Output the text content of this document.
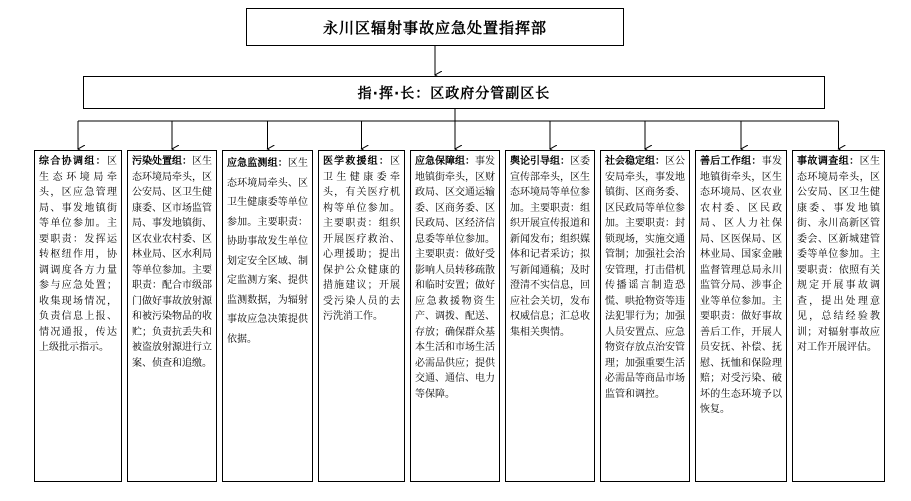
永川区辐射事故应急处置指挥部
指·挥·长：区政府分管副区长
综合协调组：区生态环境局牵头，区应急管理局、事发地镇街等单位参加。主要职责：发挥运转枢纽作用，协调调度各方力量参与应急处置；收集现场情况，负责信息上报、情况通报，传达上级批示指示。
污染处置组：区生态环境局牵头，区公安局、区卫生健康委、区市场监管局、事发地镇街、区农业农村委、区林业局、区水利局等单位参加。主要职责：配合市级部门做好事故放射源和被污染物品的收贮；负责抗丢失和被盗放射源进行立案、侦查和追缴。
应急监测组：区生态环境局牵头、区卫生健康委等单位参加。主要职责：协助事故发生单位划定安全区域、制定监测方案、提供监测数据，为辐射事故应急决策提供依据。
医学救援组：区卫生健康委牵头，有关医疗机构等单位参加。主要职责：组织开展医疗救治、心理援助；提出保护公众健康的措施建议；开展受污染人员的去污洗消工作。
应急保障组：事发地镇街牵头，区财政局、区交通运输委、区商务委、区民政局、区经济信息委等单位参加。主要职责：做好受影响人员转移疏散和临时安置；做好应急救援物资生产、调拨、配送、存放；确保群众基本生活和市场生活必需品供应；提供交通、通信、电力等保障。
舆论引导组：区委宣传部牵头，区生态环境局等单位参加。主要职责：组织开展宣传报道和新闻发布；组织媒体和记者采访；拟写新闻通稿；及时澄清不实信息，回应社会关切，发布权威信息；汇总收集相关舆情。
社会稳定组：区公安局牵头，事发地镇街、区商务委、区民政局等单位参加。主要职责：封锁现场，实施交通管制；加强社会治安管理，打击借机传播谣言制造恐慌、哄抢物资等违法犯罪行为；加强人员安置点、应急物资存放点治安管理；加强重要生活必需品等商品市场监管和调控。
善后工作组：事发地镇街牵头，区生态环境局、区农业农村委、区民政局、区人力社保局、区医保局、区林业局、国家金融监督管理总局永川监管分局、涉事企业等单位参加。主要职责：做好事故善后工作，开展人员安抚、补偿、抚慰、抚恤和保险理赔；对受污染、破坏的生态环境予以恢复。
事故调查组：区生态环境局牵头，区公安局、区卫生健康委、事发地镇街、永川高新区管委会、区新城建管委等单位参加。主要职责：依照有关规定开展事故调查，提出处理意见，总结经验教训；对辐射事故应对工作开展评估。
